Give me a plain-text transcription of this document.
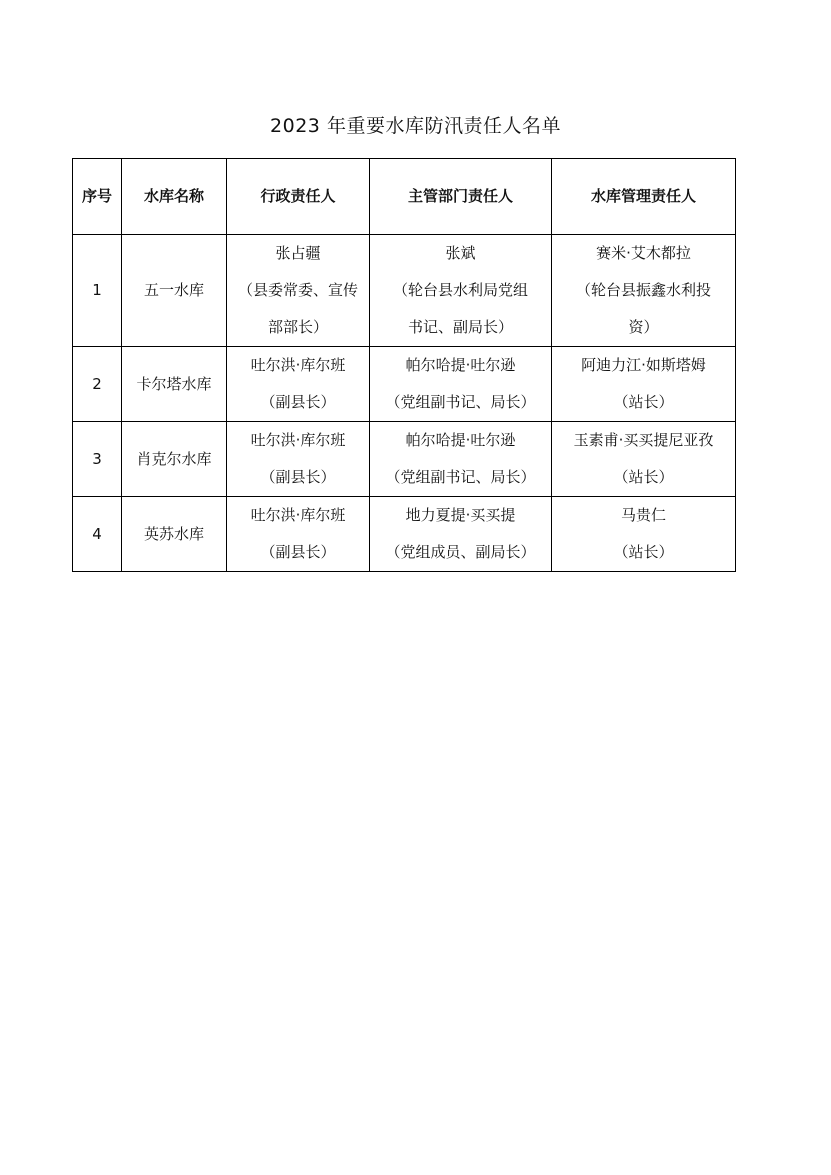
2023 年重要水库防汛责任人名单
序号	水库名称	行政责任人	主管部门责任人	水库管理责任人
1	五一水库	张占疆
（县委常委、宣传
部部长）	张斌
（轮台县水利局党组
书记、副局长）	赛米·艾木都拉
（轮台县振鑫水利投
资）

2	卡尔塔水库	吐尔洪·库尔班
（副县长）	帕尔哈提·吐尔逊
（党组副书记、局长）	阿迪力江·如斯塔姆
（站长）

3	肖克尔水库	吐尔洪·库尔班
（副县长）	帕尔哈提·吐尔逊
（党组副书记、局长）	玉素甫·买买提尼亚孜
（站长）

4	英苏水库	吐尔洪·库尔班
（副县长）	地力夏提·买买提
（党组成员、副局长）	马贵仁
（站长）
